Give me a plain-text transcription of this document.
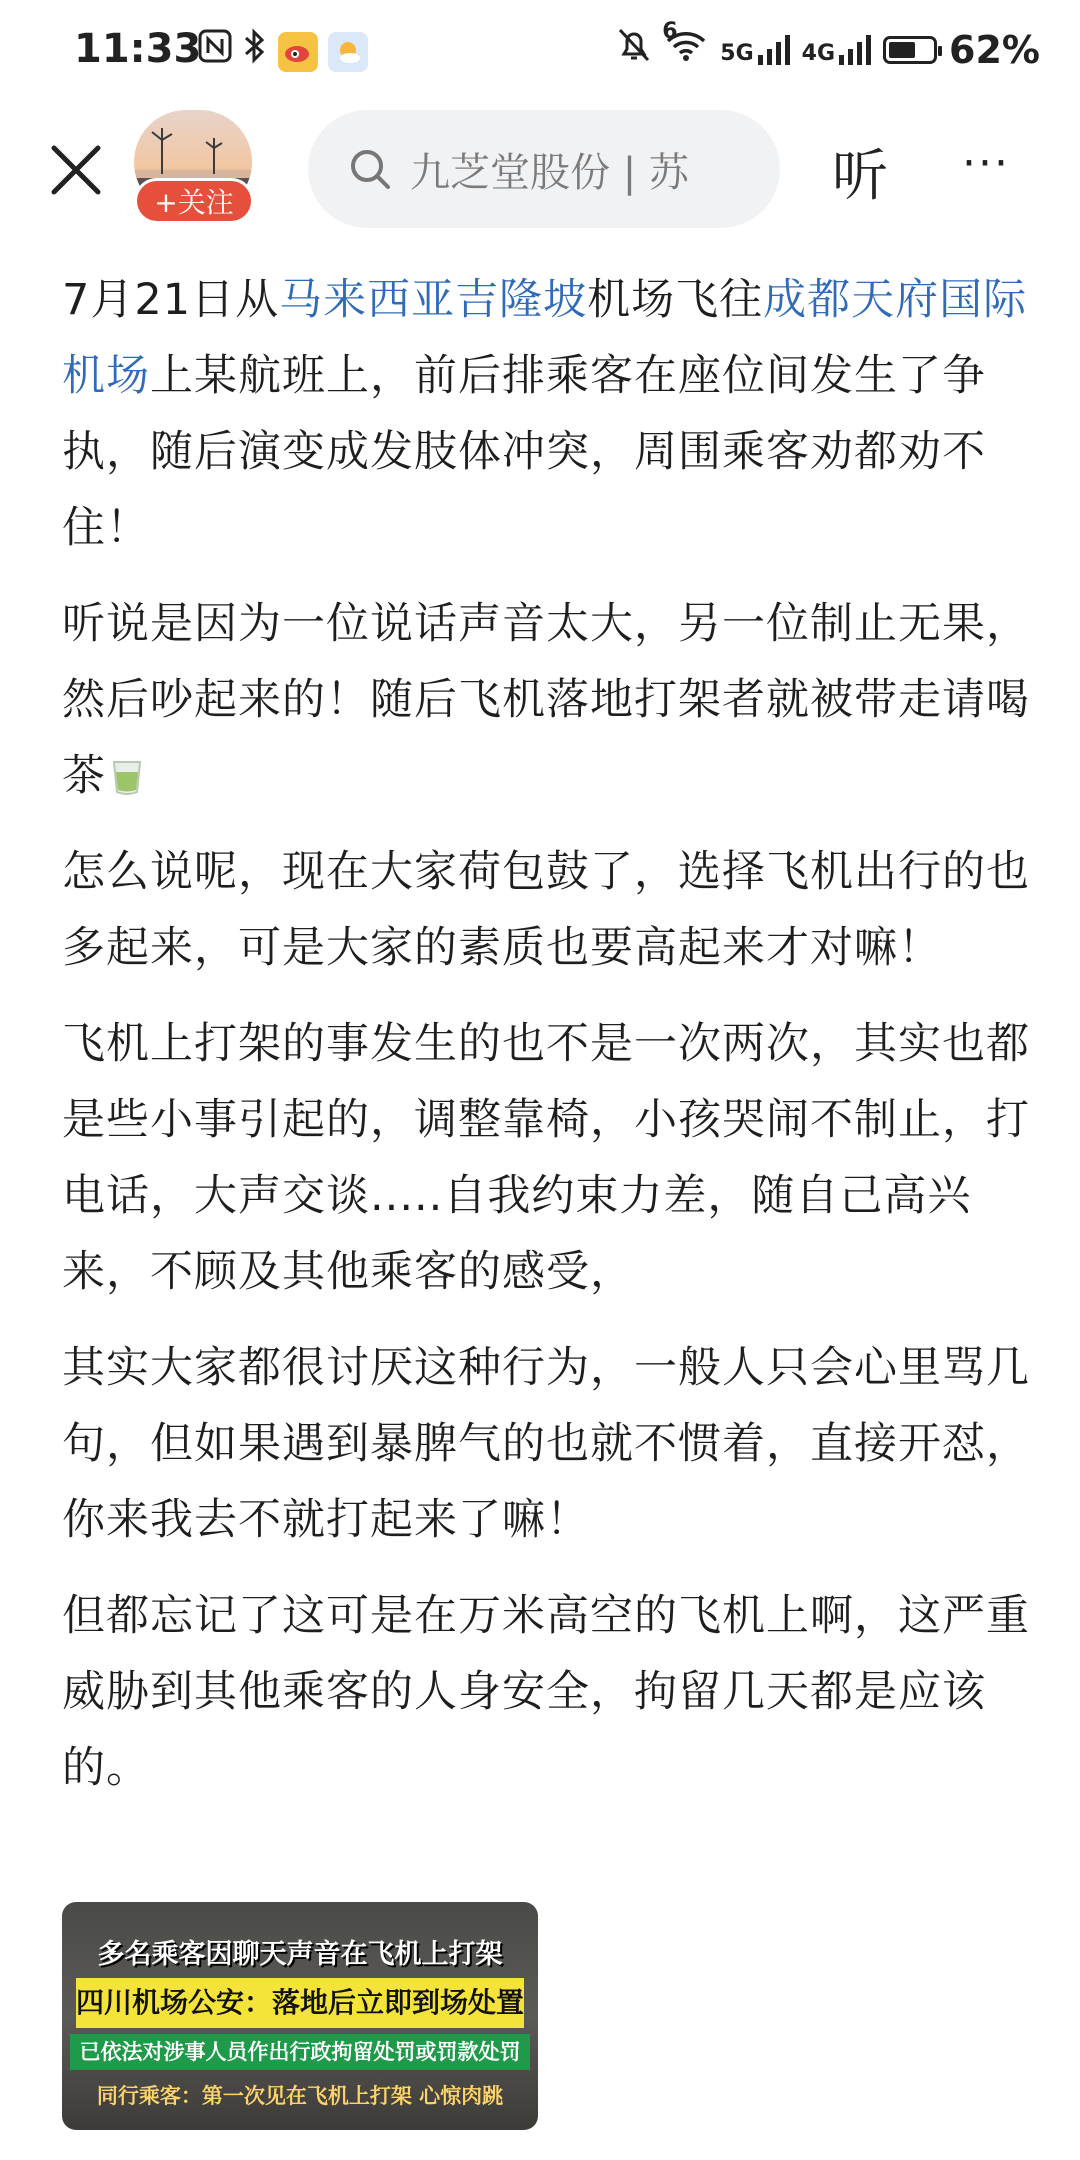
11:33	6
5G 4G	62%
+关注
九芝堂股份 | 苏	听 ···

7月21日从马来西亚吉隆坡机场飞往成都天府国际机场上某航班上，前后排乘客在座位间发生了争执，随后演变成发肢体冲突，周围乘客劝都劝不住！

听说是因为一位说话声音太大，另一位制止无果，然后吵起来的！随后飞机落地打架者就被带走请喝茶

怎么说呢，现在大家荷包鼓了，选择飞机出行的也多起来，可是大家的素质也要高起来才对嘛！

飞机上打架的事发生的也不是一次两次，其实也都是些小事引起的，调整靠椅，小孩哭闹不制止，打电话，大声交谈.....自我约束力差，随自己高兴来，不顾及其他乘客的感受，

其实大家都很讨厌这种行为，一般人只会心里骂几句，但如果遇到暴脾气的也就不惯着，直接开怼，你来我去不就打起来了嘛！

但都忘记了这可是在万米高空的飞机上啊，这严重威胁到其他乘客的人身安全，拘留几天都是应该的。

多名乘客因聊天声音在飞机上打架
四川机场公安：落地后立即到场处置
已依法对涉事人员作出行政拘留处罚或罚款处罚
同行乘客：第一次见在飞机上打架 心惊肉跳
